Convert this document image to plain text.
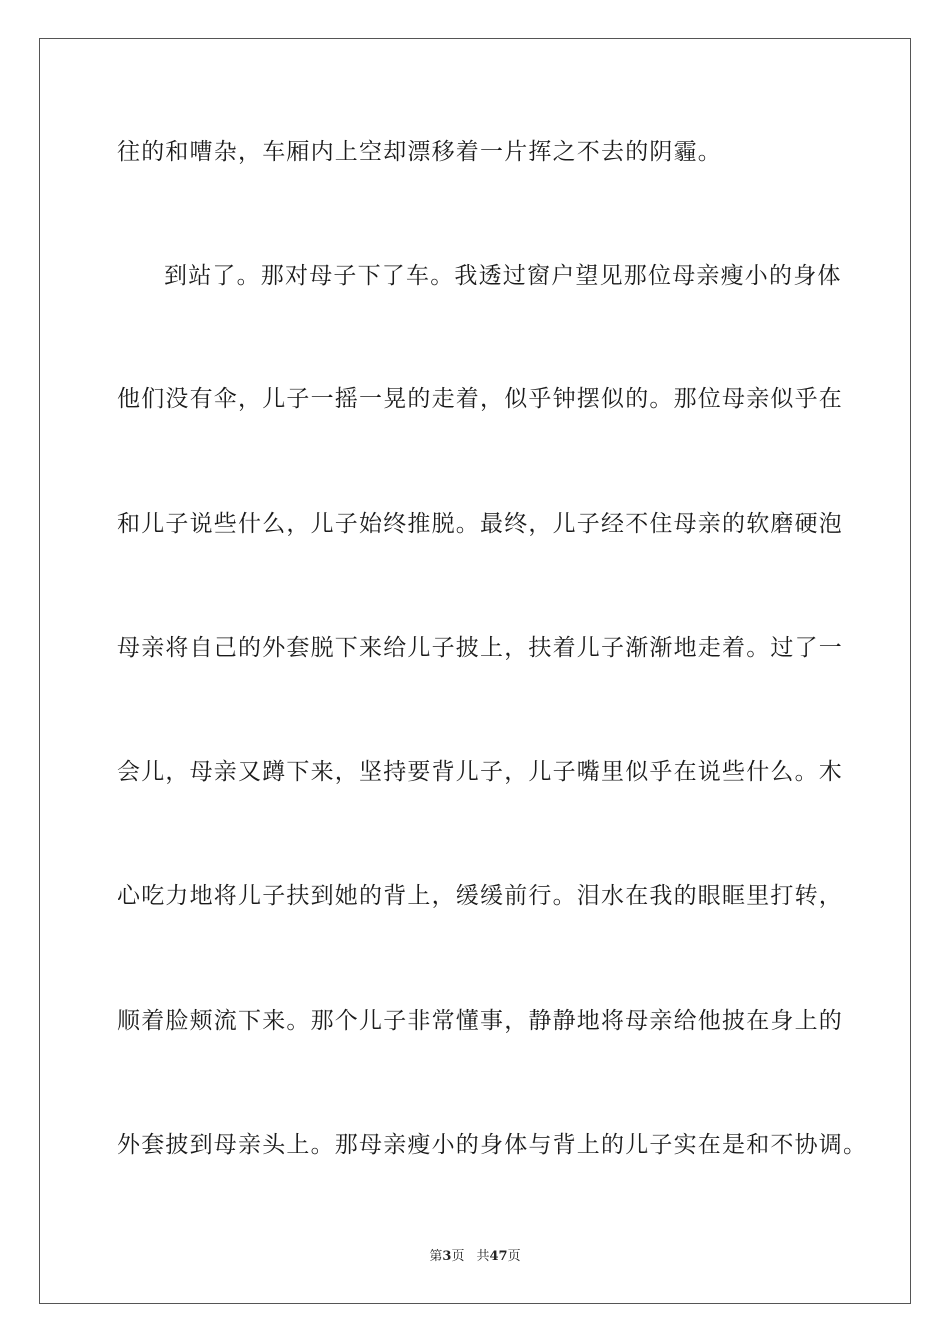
往的和嘈杂，车厢内上空却漂移着一片挥之不去的阴霾。
到站了。那对母子下了车。我透过窗户望见那位母亲瘦小的身体
他们没有伞，儿子一摇一晃的走着，似乎钟摆似的。那位母亲似乎在
和儿子说些什么，儿子始终推脱。最终，儿子经不住母亲的软磨硬泡
母亲将自己的外套脱下来给儿子披上，扶着儿子渐渐地走着。过了一
会儿，母亲又蹲下来，坚持要背儿子，儿子嘴里似乎在说些什么。木
心吃力地将儿子扶到她的背上，缓缓前行。泪水在我的眼眶里打转，
顺着脸颊流下来。那个儿子非常懂事，静静地将母亲给他披在身上的
外套披到母亲头上。那母亲瘦小的身体与背上的儿子实在是和不协调。
第3页 共47页
